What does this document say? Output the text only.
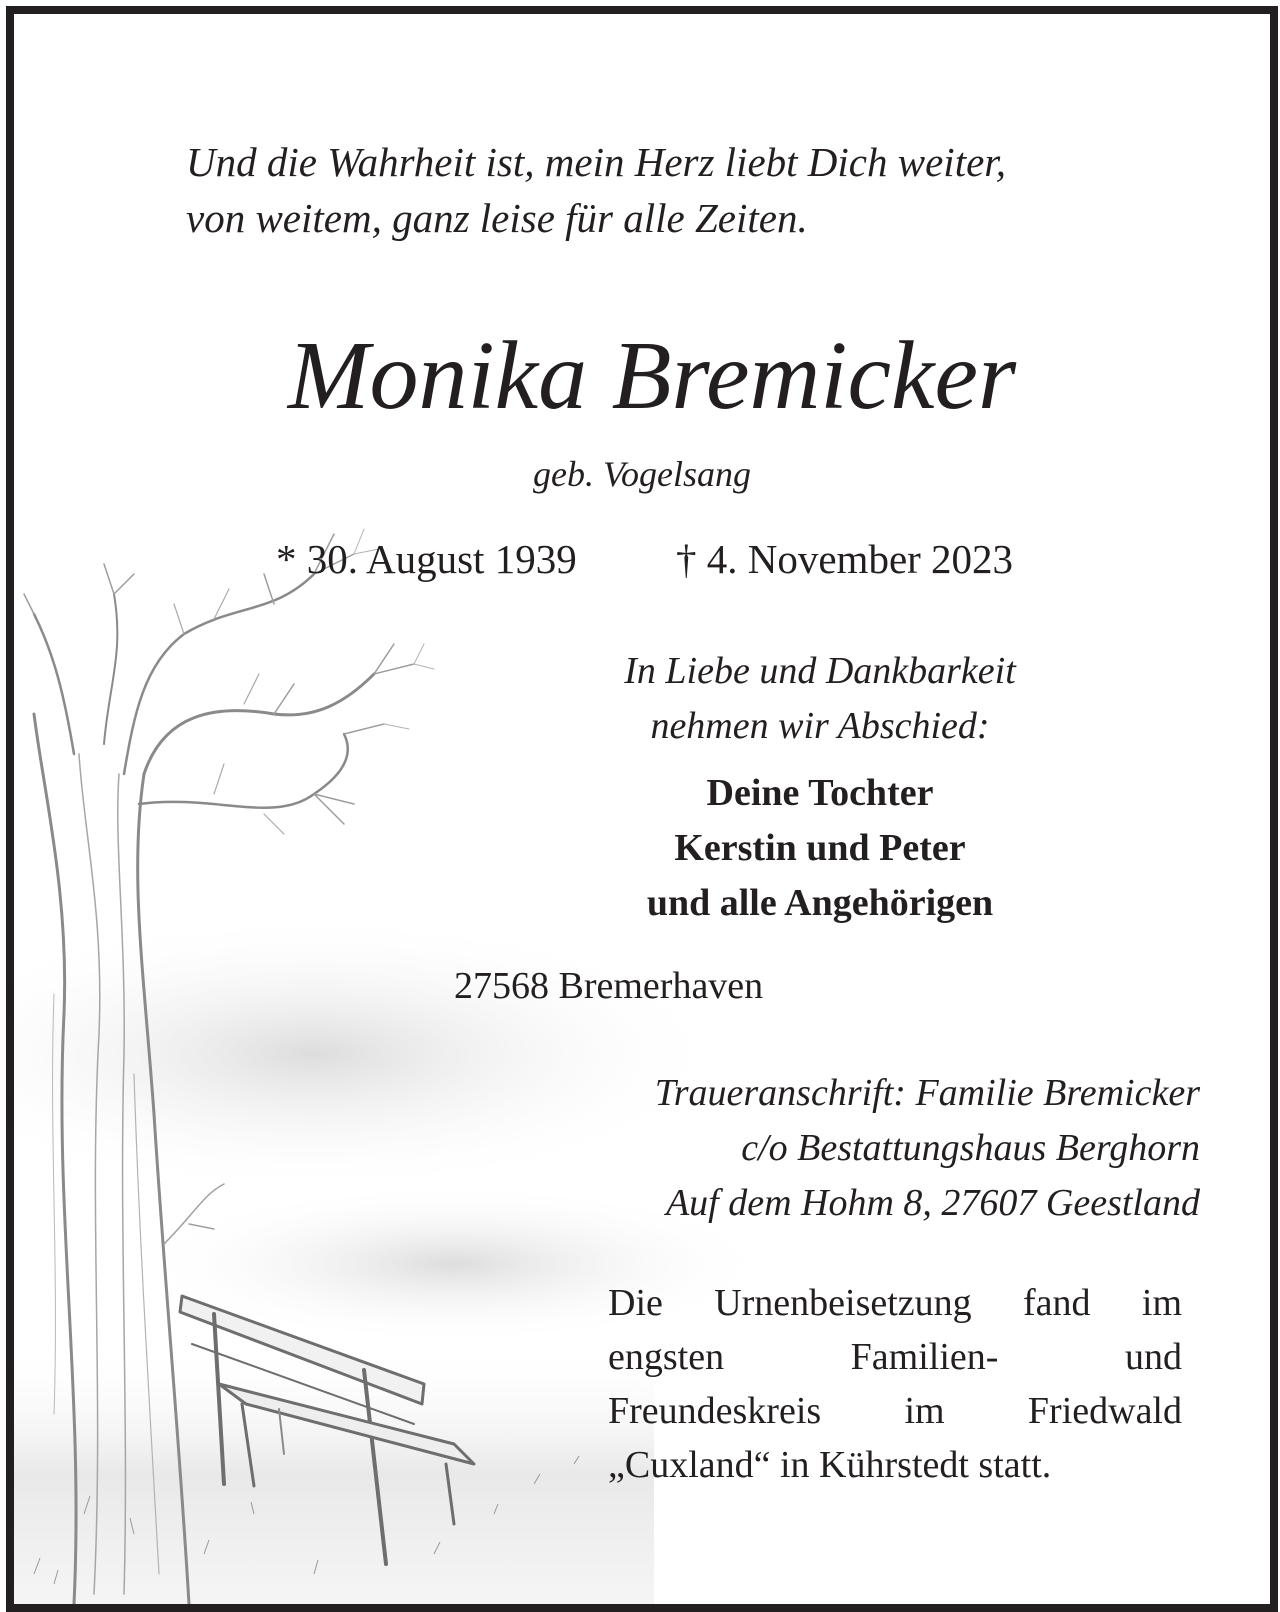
Und die Wahrheit ist, mein Herz liebt Dich weiter,
von weitem, ganz leise für alle Zeiten.
Monika Bremicker
geb. Vogelsang
* 30. August 1939 † 4. November 2023
In Liebe und Dankbarkeit
nehmen wir Abschied:
Deine Tochter
Kerstin und Peter
und alle Angehörigen
27568 Bremerhaven
Traueranschrift: Familie Bremicker
c/o Bestattungshaus Berghorn
Auf dem Hohm 8, 27607 Geestland
Die Urnenbeisetzung fand im
engsten Familien- und
Freundeskreis im Friedwald
„Cuxland“ in Kührstedt statt.
